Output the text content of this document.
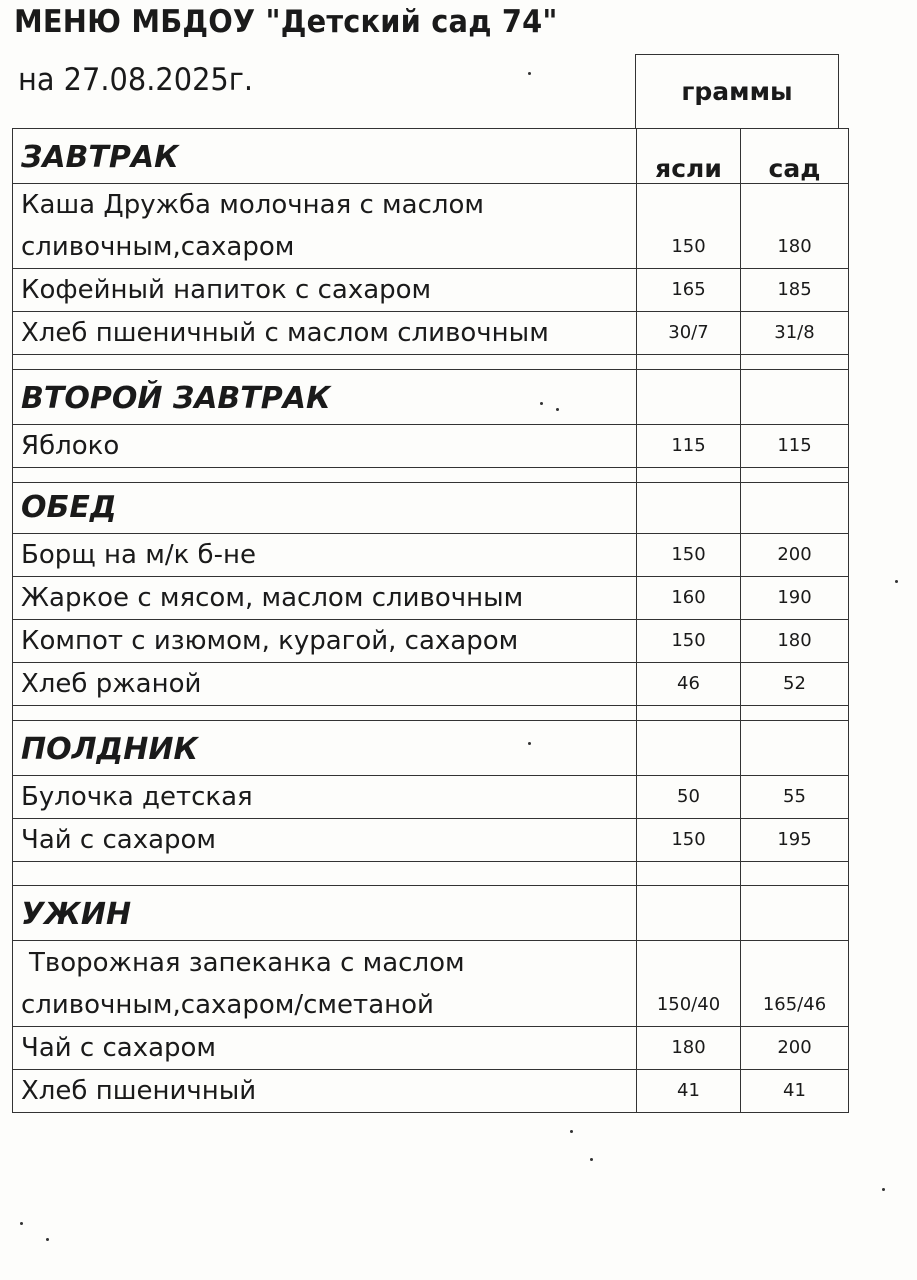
МЕНЮ МБДОУ "Детский сад 74"
на 27.08.2025г.	граммы
ЗАВТРАК	ясли	сад

Каша Дружба молочная с маслом
сливочным,сахаром	150	180
Кофейный напиток с сахаром	165	185
Хлеб пшеничный с маслом сливочным	30/7	31/8

ВТОРОЙ ЗАВТРАК		
Яблоко	115	115

ОБЕД		
Борщ на м/к б-не	150	200
Жаркое с мясом, маслом сливочным	160	190
Компот с изюмом, курагой, сахаром	150	180
Хлеб ржаной	46	52

ПОЛДНИК		
Булочка детская	50	55
Чай с сахаром	150	195

УЖИН		

Творожная запеканка с маслом
сливочным,сахаром/сметаной	150/40	165/46
Чай с сахаром	180	200
Хлеб пшеничный	41	41
